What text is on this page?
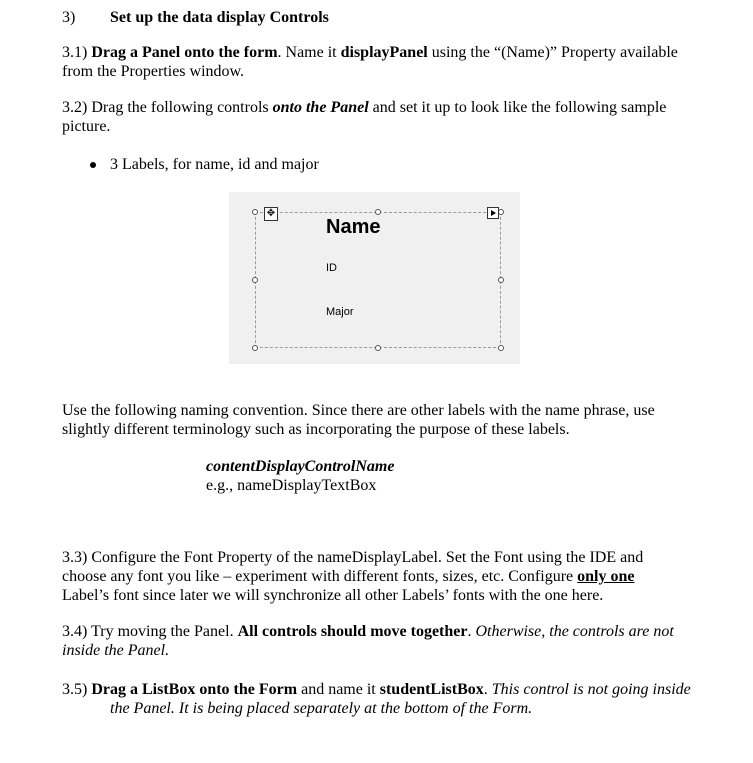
3) Set up the data display Controls
3.1) Drag a Panel onto the form. Name it displayPanel using the “(Name)” Property available from the Properties window.
3.2) Drag the following controls onto the Panel and set it up to look like the following sample picture.
3 Labels, for name, id and major
✥
Name
ID
Major
Use the following naming convention. Since there are other labels with the name phrase, use slightly different terminology such as incorporating the purpose of these labels.
contentDisplayControlName
e.g., nameDisplayTextBox
3.3) Configure the Font Property of the nameDisplayLabel. Set the Font using the IDE and choose any font you like – experiment with different fonts, sizes, etc. Configure only one Label’s font since later we will synchronize all other Labels’ fonts with the one here.
3.4) Try moving the Panel. All controls should move together. Otherwise, the controls are not inside the Panel.
3.5) Drag a ListBox onto the Form and name it studentListBox. This control is not going inside the Panel. It is being placed separately at the bottom of the Form.
